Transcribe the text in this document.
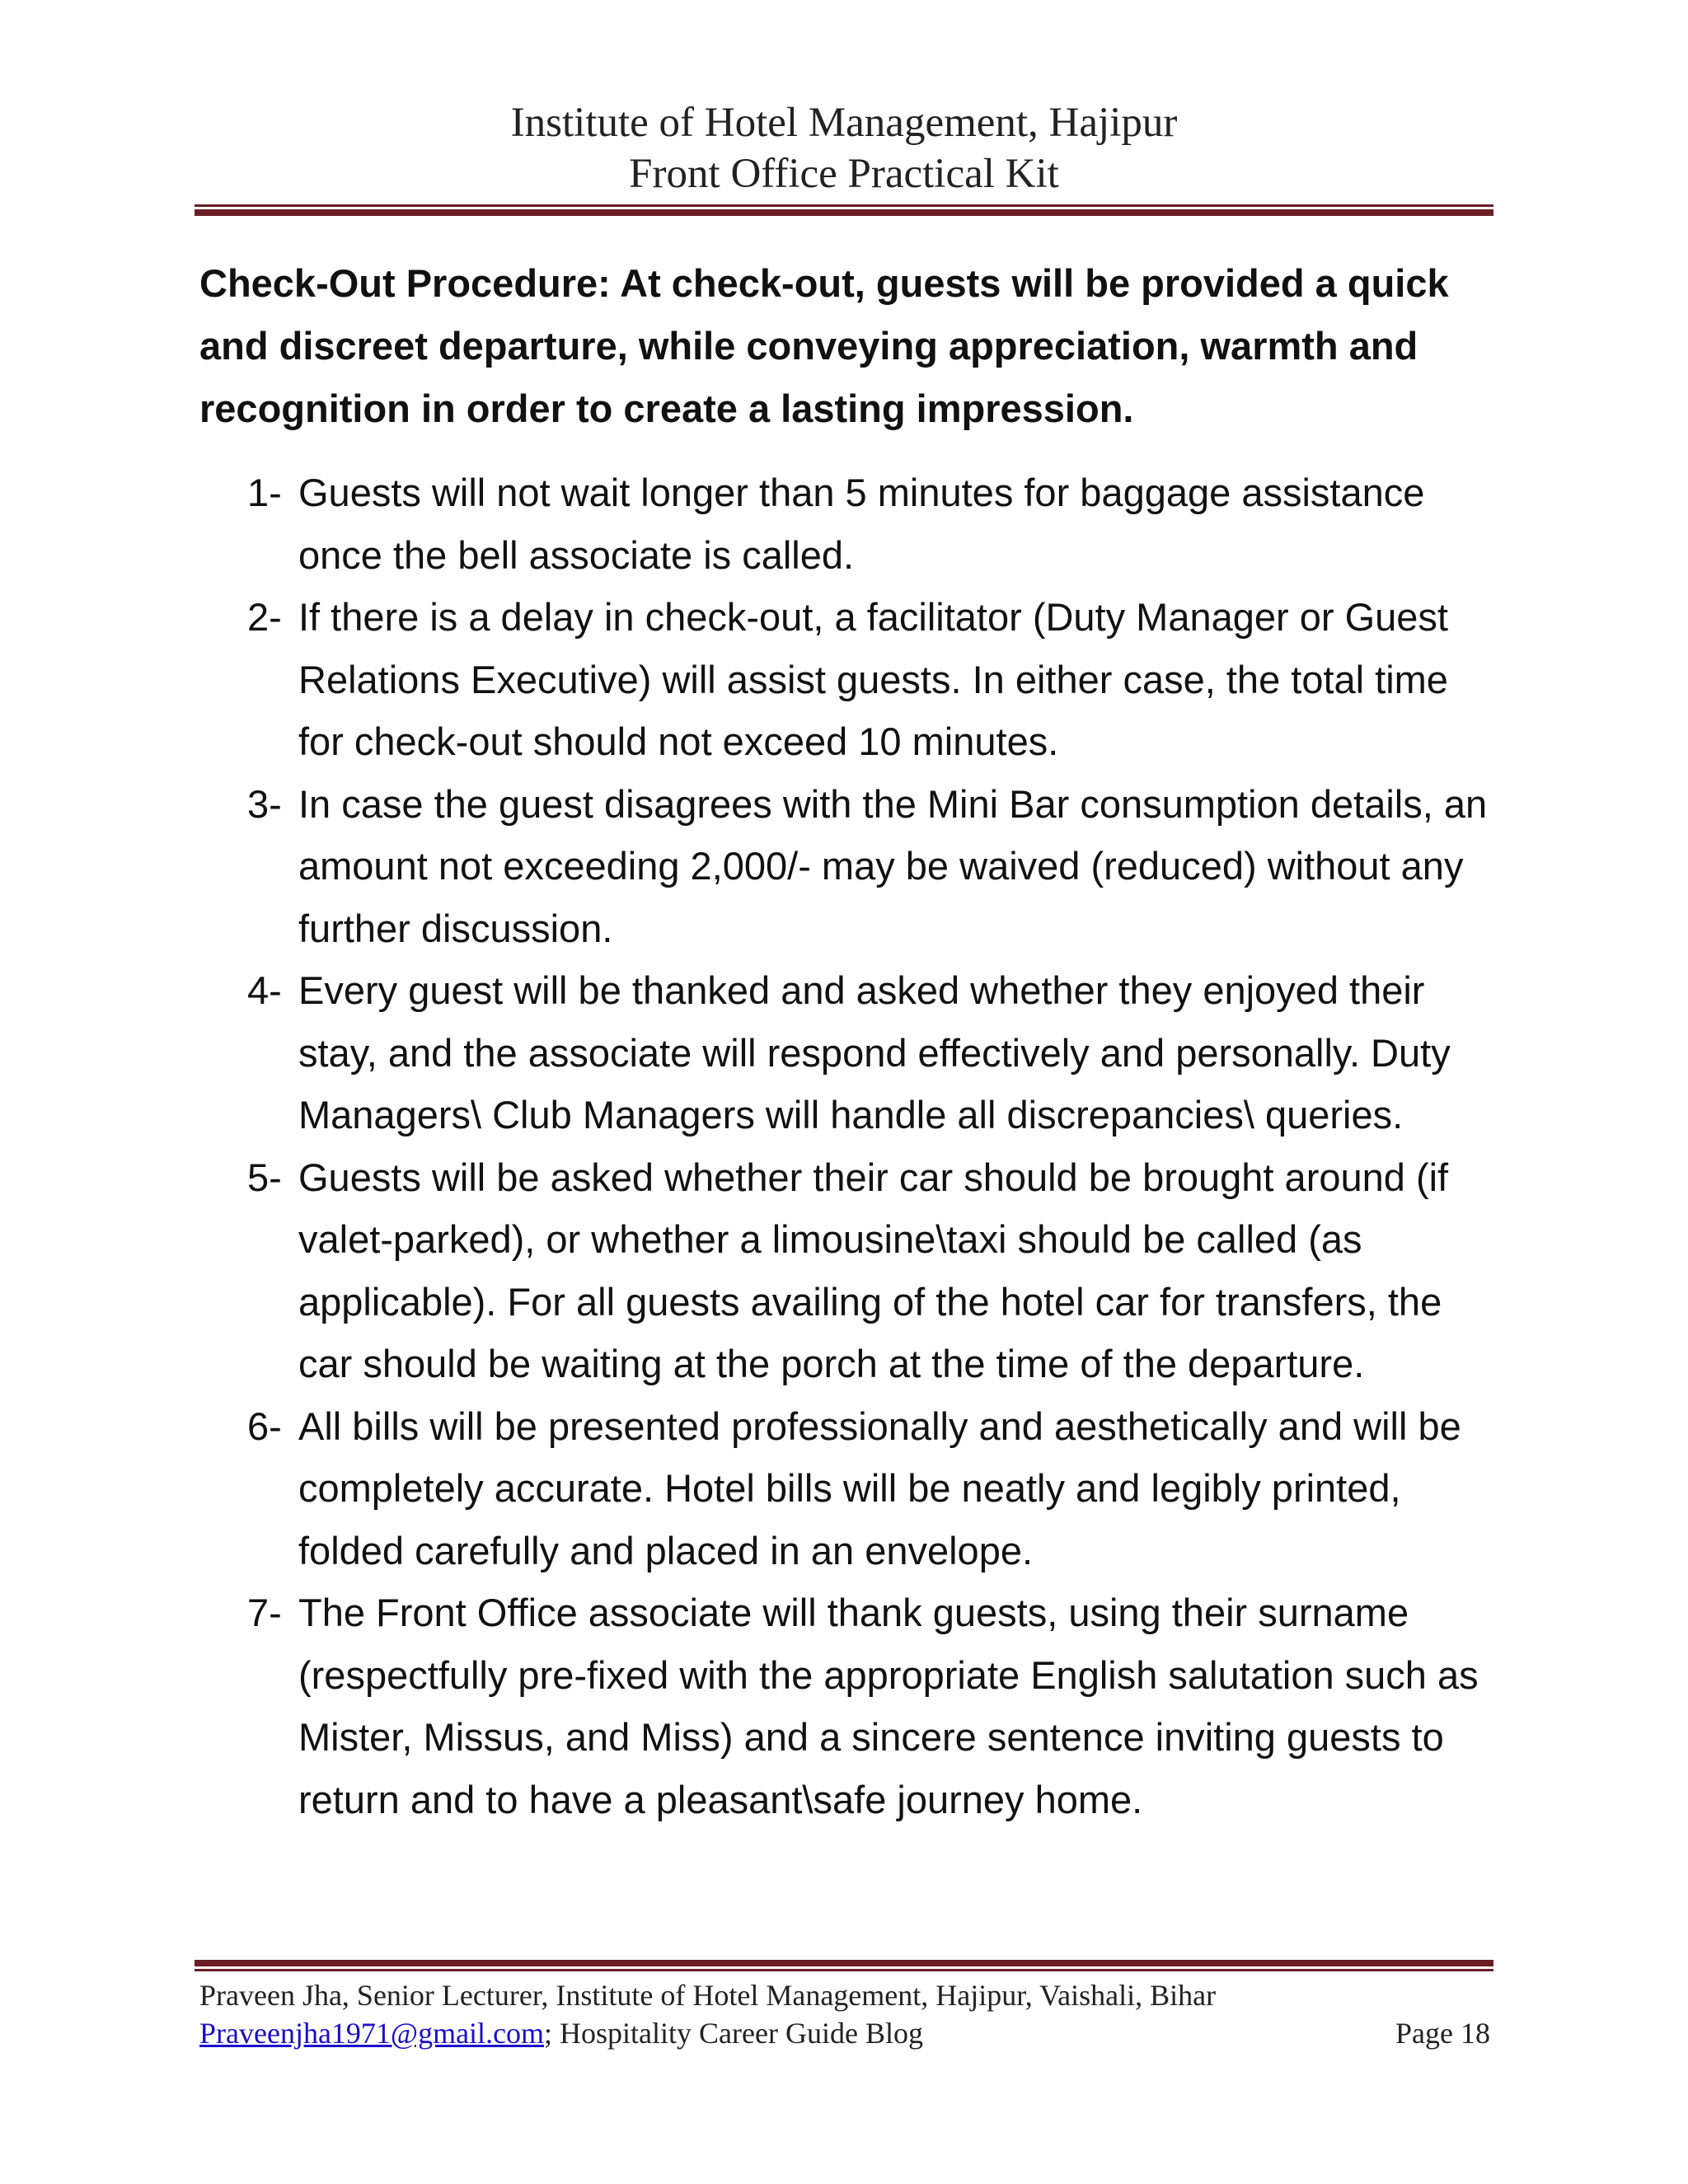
Institute of Hotel Management, Hajipur
Front Office Practical Kit

Check-Out Procedure: At check-out, guests will be provided a quick and discreet departure, while conveying appreciation, warmth and recognition in order to create a lasting impression.

1- Guests will not wait longer than 5 minutes for baggage assistance once the bell associate is called.
2- If there is a delay in check-out, a facilitator (Duty Manager or Guest Relations Executive) will assist guests. In either case, the total time for check-out should not exceed 10 minutes.
3- In case the guest disagrees with the Mini Bar consumption details, an amount not exceeding 2,000/- may be waived (reduced) without any further discussion.
4- Every guest will be thanked and asked whether they enjoyed their stay, and the associate will respond effectively and personally. Duty Managers\ Club Managers will handle all discrepancies\ queries.
5- Guests will be asked whether their car should be brought around (if valet-parked), or whether a limousine\taxi should be called (as applicable). For all guests availing of the hotel car for transfers, the car should be waiting at the porch at the time of the departure.
6- All bills will be presented professionally and aesthetically and will be completely accurate. Hotel bills will be neatly and legibly printed, folded carefully and placed in an envelope.
7- The Front Office associate will thank guests, using their surname (respectfully pre-fixed with the appropriate English salutation such as Mister, Missus, and Miss) and a sincere sentence inviting guests to return and to have a pleasant\safe journey home.
Praveen Jha, Senior Lecturer, Institute of Hotel Management, Hajipur, Vaishali, Bihar
Praveenjha1971@gmail.com; Hospitality Career Guide Blog	Page 18
